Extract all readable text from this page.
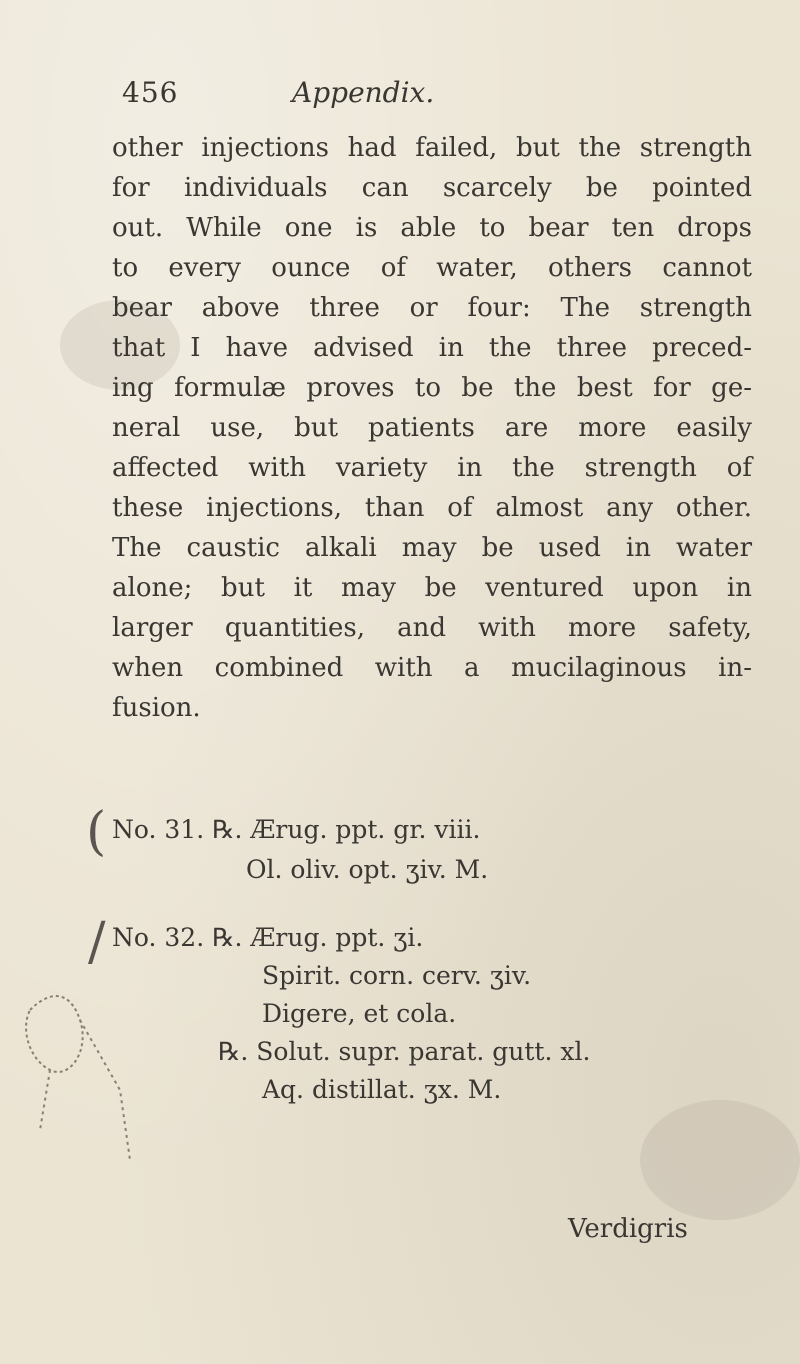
456	Appendix.
other injections had failed, but the strength
for individuals can scarcely be pointed
out. While one is able to bear ten drops
to every ounce of water, others cannot
bear above three or four: The strength
that I have advised in the three preced-
ing formulæ proves to be the best for ge-
neral use, but patients are more easily
affected with variety in the strength of
these injections, than of almost any other.
The caustic alkali may be used in water
alone; but it may be ventured upon in
larger quantities, and with more safety,
when combined with a mucilaginous in-
fusion.
( No. 31. ℞. Ærug. ppt. gr. viii.
Ol. oliv. opt. ʒiv. M.
/ No. 32. ℞. Ærug. ppt. ʒi.
Spirit. corn. cerv. ʒiv.
Digere, et cola.
℞. Solut. supr. parat. gutt. xl.
Aq. distillat. ʒx. M.
Verdigris
